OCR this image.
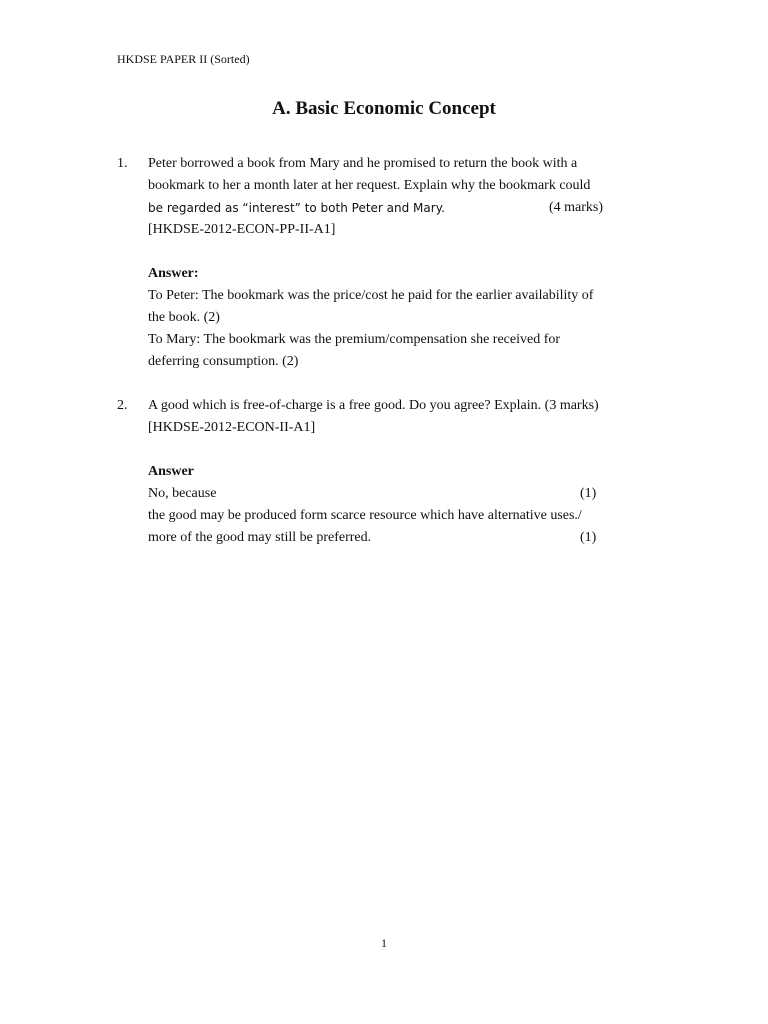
HKDSE PAPER II (Sorted)
A. Basic Economic Concept
1. Peter borrowed a book from Mary and he promised to return the book with a
bookmark to her a month later at her request. Explain why the bookmark could
be regarded as “interest” to both Peter and Mary.	(4 marks)
[HKDSE-2012-ECON-PP-II-A1]
Answer:
To Peter: The bookmark was the price/cost he paid for the earlier availability of
the book. (2)
To Mary: The bookmark was the premium/compensation she received for
deferring consumption. (2)
2. A good which is free-of-charge is a free good. Do you agree? Explain. (3 marks)
[HKDSE-2012-ECON-II-A1]
Answer
No, because	(1)
the good may be produced form scarce resource which have alternative uses./
more of the good may still be preferred.	(1)
1
